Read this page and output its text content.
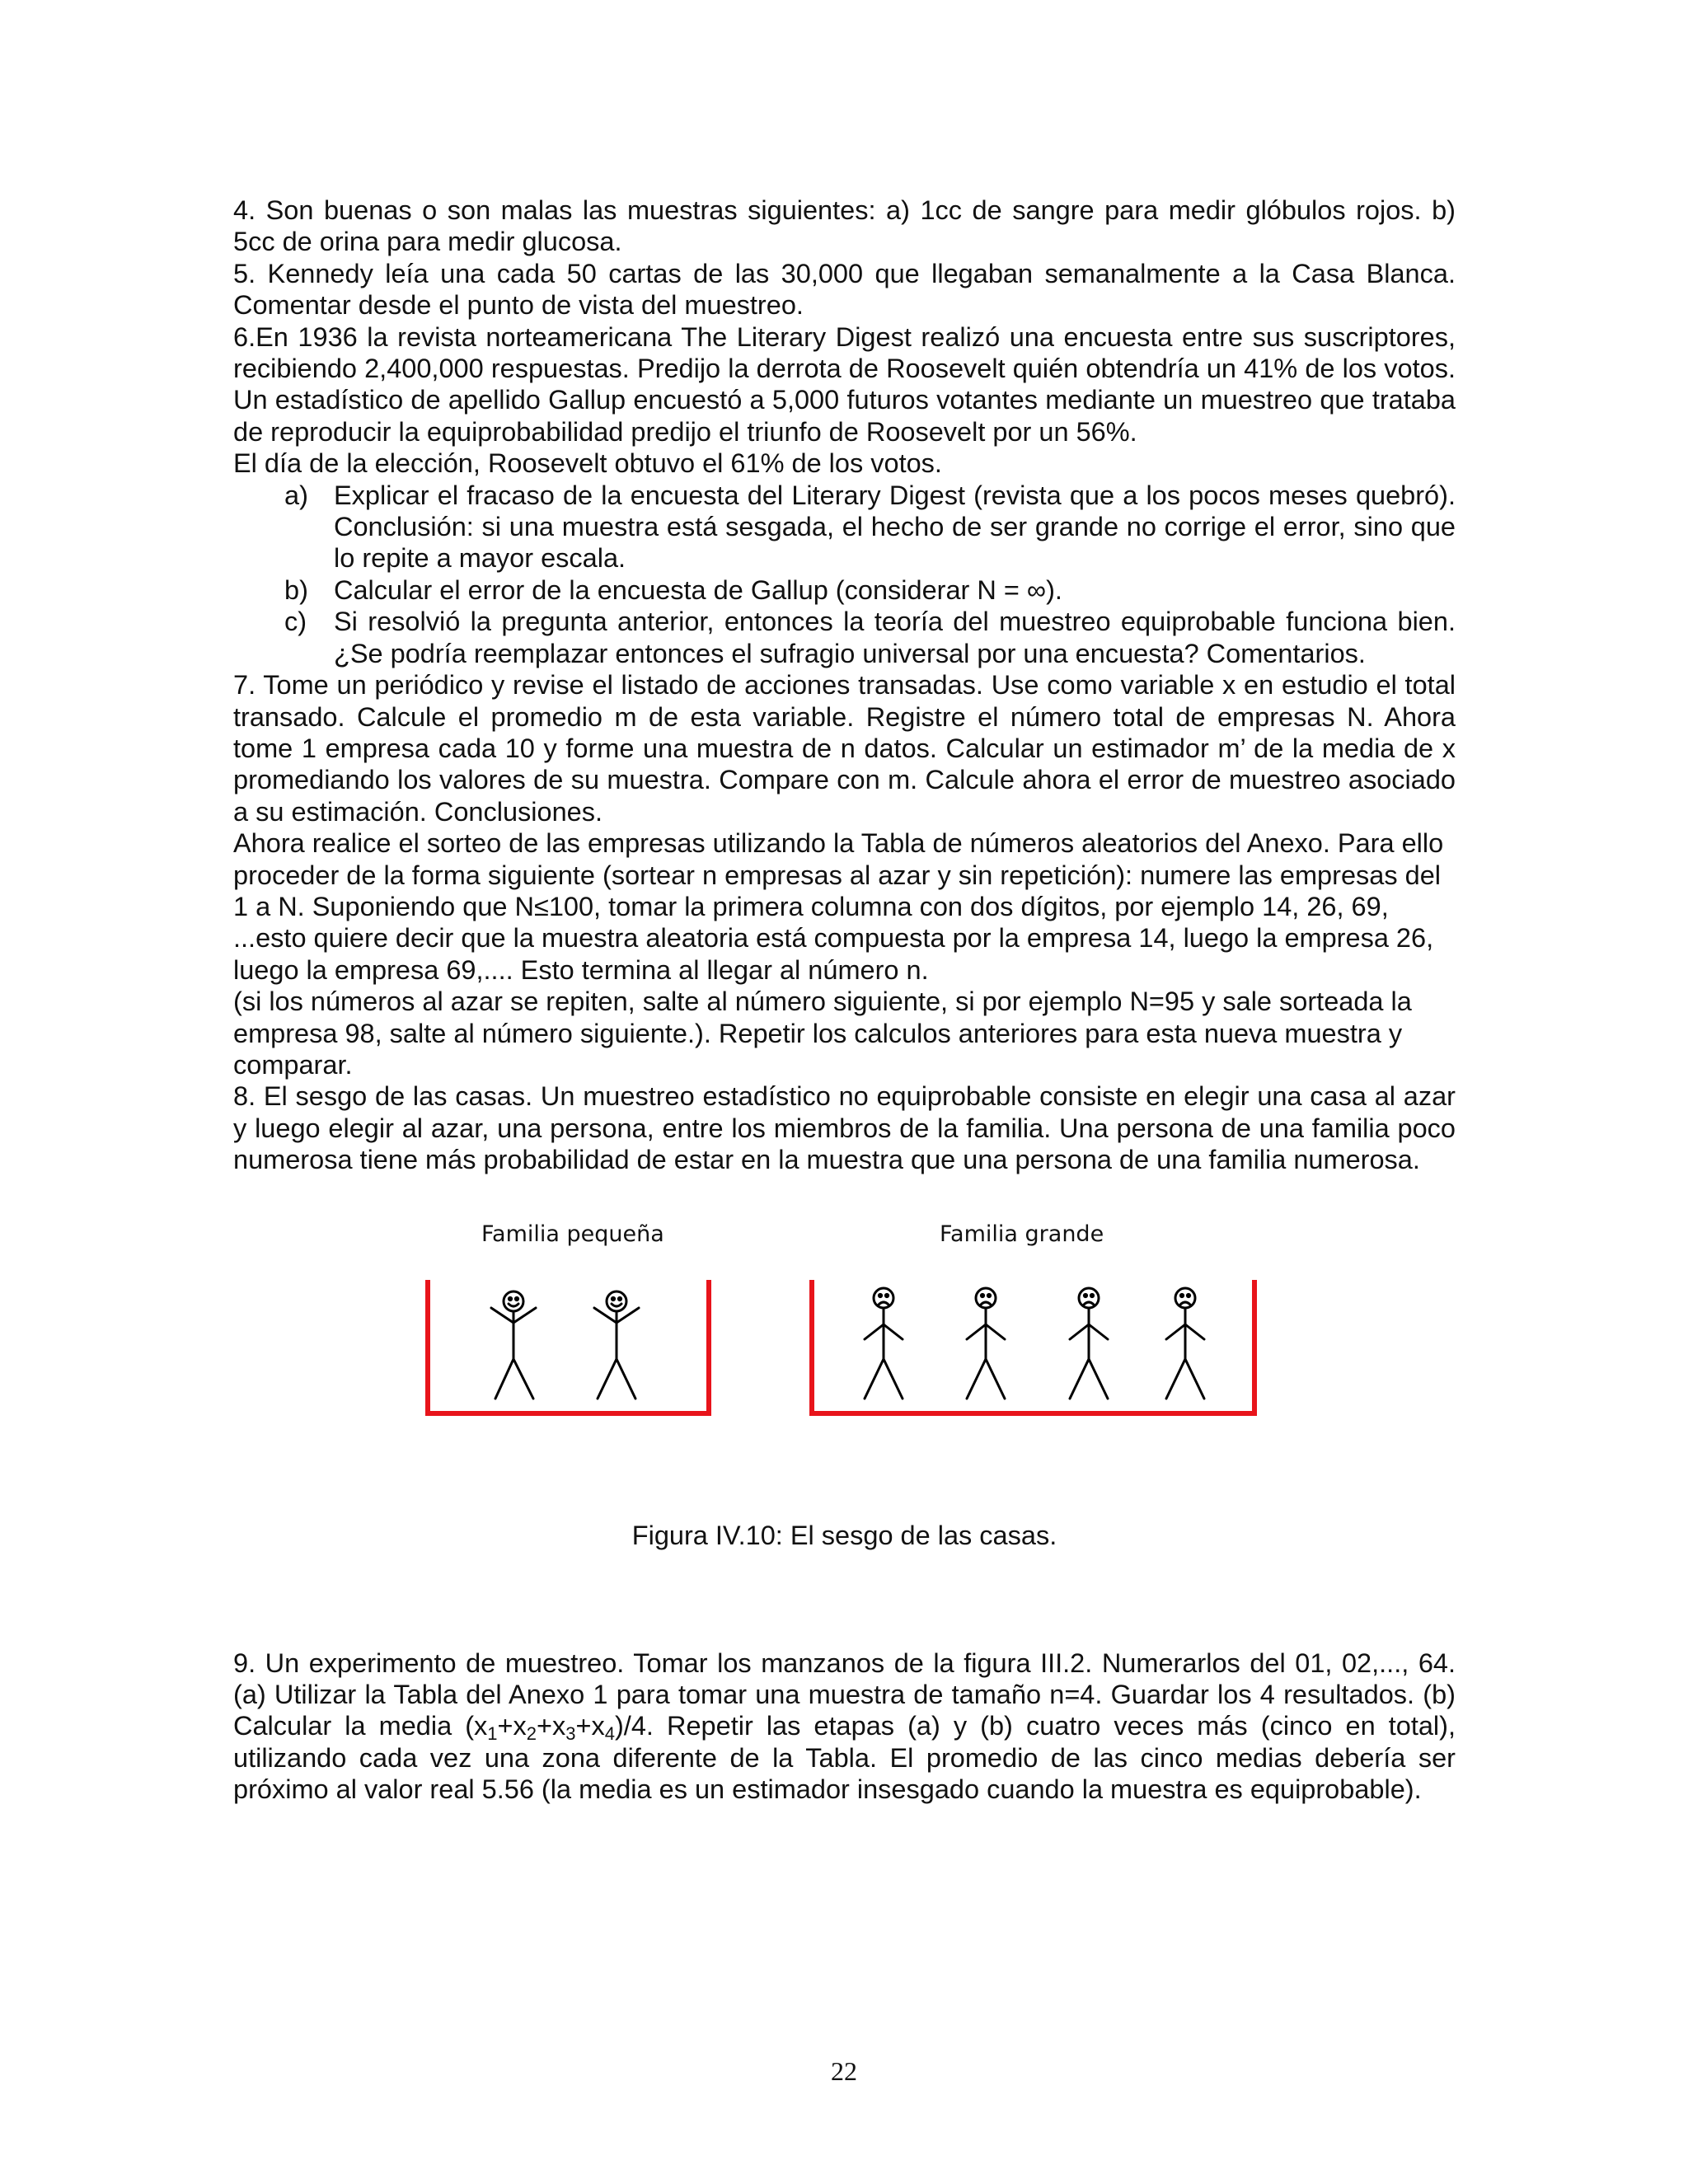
4. Son buenas o son malas las muestras siguientes: a) 1cc de sangre para medir glóbulos rojos. b) 5cc de orina para medir glucosa.

5. Kennedy leía una cada 50 cartas de las 30,000 que llegaban semanalmente a la Casa Blanca. Comentar desde el punto de vista del muestreo.

6.En 1936 la revista norteamericana The Literary Digest realizó una encuesta entre sus suscriptores, recibiendo 2,400,000 respuestas. Predijo la derrota de Roosevelt quién obtendría un 41% de los votos. Un estadístico de apellido Gallup encuestó a 5,000 futuros votantes mediante un muestreo que trataba de reproducir la equiprobabilidad predijo el triunfo de Roosevelt por un 56%.

El día de la elección, Roosevelt obtuvo el 61% de los votos.

a) Explicar el fracaso de la encuesta del Literary Digest (revista que a los pocos meses quebró). Conclusión: si una muestra está sesgada, el hecho de ser grande no corrige el error, sino que lo repite a mayor escala.
b) Calcular el error de la encuesta de Gallup (considerar N = ∞).
c)	Si resolvió la pregunta anterior, entonces la teoría del muestreo equiprobable funciona bien. ¿Se podría reemplazar entonces el sufragio universal por una encuesta? Comentarios.

7. Tome un periódico y revise el listado de acciones transadas. Use como variable x en estudio el total transado. Calcule el promedio m de esta variable. Registre el número total de empresas N. Ahora tome 1 empresa cada 10 y forme una muestra de n datos. Calcular un estimador m’ de la media de x promediando los valores de su muestra. Compare con m. Calcule ahora el error de muestreo asociado a su estimación. Conclusiones.

Ahora realice el sorteo de las empresas utilizando la Tabla de números aleatorios del Anexo. Para ello proceder de la forma siguiente (sortear n empresas al azar y sin repetición): numere las empresas del 1 a N. Suponiendo que N≤100, tomar la primera columna con dos dígitos, por ejemplo 14, 26, 69, ...esto quiere decir que la muestra aleatoria está compuesta por la empresa 14, luego la empresa 26, luego la empresa 69,.... Esto termina al llegar al número n.

(si los números al azar se repiten, salte al número siguiente, si por ejemplo N=95 y sale sorteada la empresa 98, salte al número siguiente.). Repetir los calculos anteriores para esta nueva muestra y comparar.

8. El sesgo de las casas. Un muestreo estadístico no equiprobable consiste en elegir una casa al azar y luego elegir al azar, una persona, entre los miembros de la familia. Una persona de una familia poco numerosa tiene más probabilidad de estar en la muestra que una persona de una familia numerosa.

Familia pequeña	Familia grande

Figura IV.10: El sesgo de las casas.

9. Un experimento de muestreo. Tomar los manzanos de la figura III.2. Numerarlos del 01, 02,..., 64. (a) Utilizar la Tabla del Anexo 1 para tomar una muestra de tamaño n=4. Guardar los 4 resultados. (b) Calcular la media $(x_1+x_2+x_3+x_4)/4$. Repetir las etapas (a) y (b) cuatro veces más (cinco en total), utilizando cada vez una zona diferente de la Tabla. El promedio de las cinco medias debería ser próximo al valor real 5.56 (la media es un estimador insesgado cuando la muestra es equiprobable).

22
